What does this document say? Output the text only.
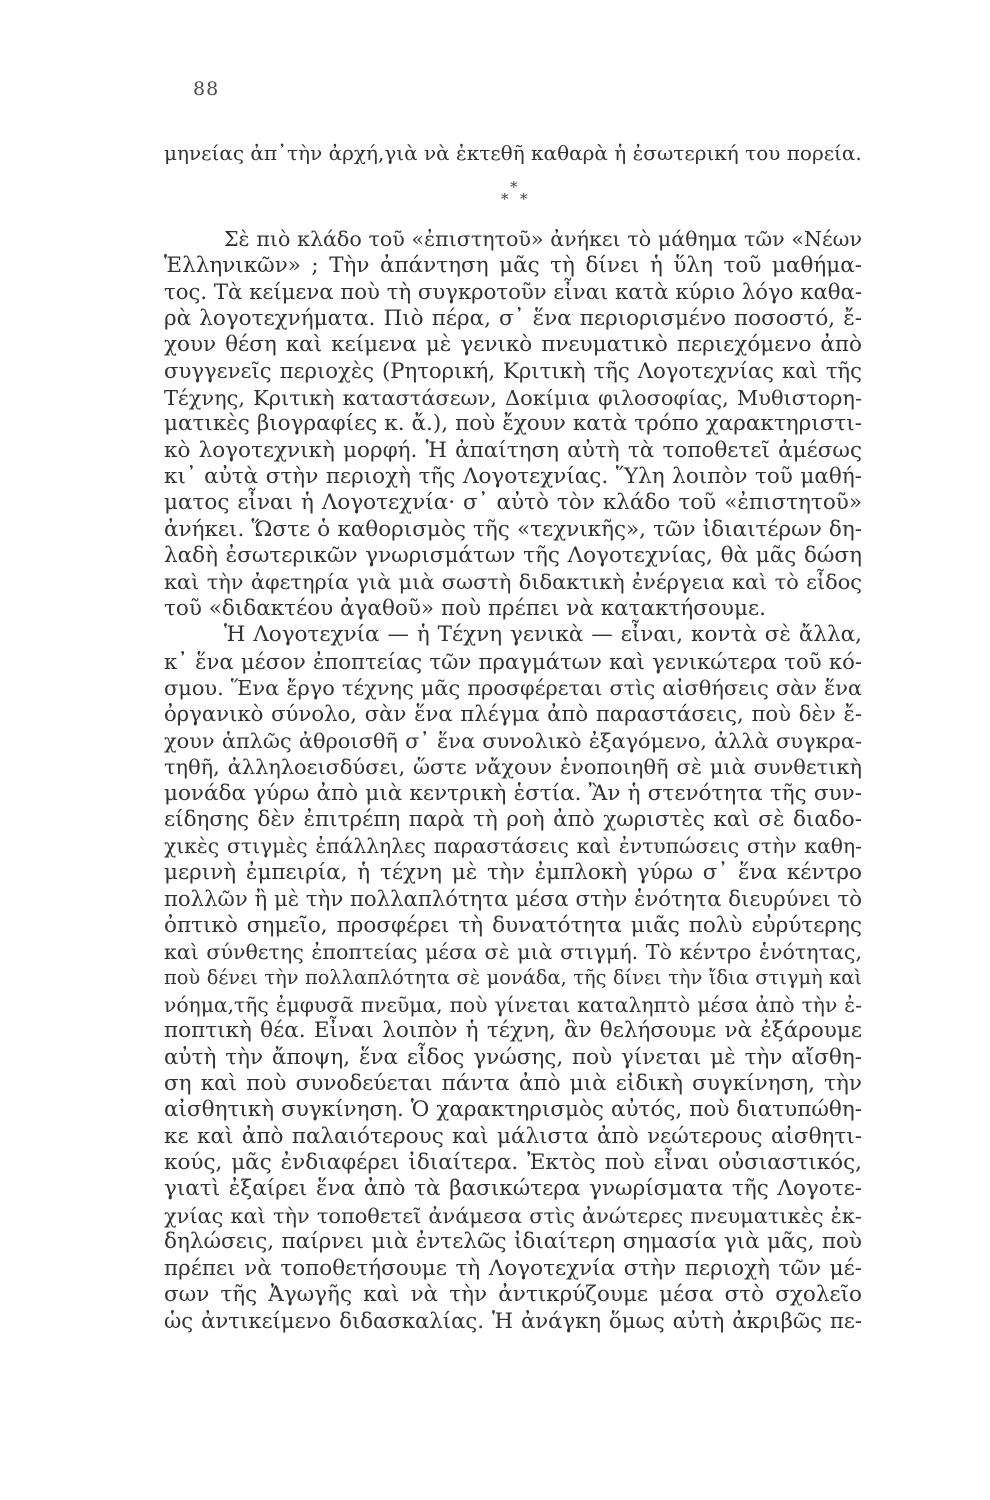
88
μηνείας ἀπ᾽τὴν ἀρχή,γιὰ νὰ ἐκτεθῆ καθαρὰ ἡ ἐσωτερική του πορεία.
*
* *
Σὲ πιὸ κλάδο τοῦ «ἐπιστητοῦ» ἀνήκει τὸ μάθημα τῶν «Νέων
Ἑλληνικῶν» ; Τὴν ἀπάντηση μᾶς τὴ δίνει ἡ ὕλη τοῦ μαθήμα-
τος. Τὰ κείμενα ποὺ τὴ συγκροτοῦν εἶναι κατὰ κύριο λόγο καθα-
ρὰ λογοτεχνήματα. Πιὸ πέρα, σ᾽ ἕνα περιορισμένο ποσοστό, ἔ-
χουν θέση καὶ κείμενα μὲ γενικὸ πνευματικὸ περιεχόμενο ἀπὸ
συγγενεῖς περιοχὲς (Ρητορική, Κριτικὴ τῆς Λογοτεχνίας καὶ τῆς
Τέχνης, Κριτικὴ καταστάσεων, Δοκίμια φιλοσοφίας, Μυθιστορη-
ματικὲς βιογραφίες κ. ἄ.), ποὺ ἔχουν κατὰ τρόπο χαρακτηριστι-
κὸ λογοτεχνικὴ μορφή. Ἡ ἀπαίτηση αὐτὴ τὰ τοποθετεῖ ἀμέσως
κι᾽ αὐτὰ στὴν περιοχὴ τῆς Λογοτεχνίας. Ὕλη λοιπὸν τοῦ μαθή-
ματος εἶναι ἡ Λογοτεχνία· σ᾽ αὐτὸ τὸν κλάδο τοῦ «ἐπιστητοῦ»
ἀνήκει. Ὥστε ὁ καθορισμὸς τῆς «τεχνικῆς», τῶν ἰδιαιτέρων δη-
λαδὴ ἐσωτερικῶν γνωρισμάτων τῆς Λογοτεχνίας, θὰ μᾶς δώση
καὶ τὴν ἀφετηρία γιὰ μιὰ σωστὴ διδακτικὴ ἐνέργεια καὶ τὸ εἶδος
τοῦ «διδακτέου ἀγαθοῦ» ποὺ πρέπει νὰ κατακτήσουμε.
Ἡ Λογοτεχνία — ἡ Τέχνη γενικὰ — εἶναι, κοντὰ σὲ ἄλλα,
κ᾽ ἕνα μέσον ἐποπτείας τῶν πραγμάτων καὶ γενικώτερα τοῦ κό-
σμου. Ἕνα ἔργο τέχνης μᾶς προσφέρεται στὶς αἰσθήσεις σὰν ἕνα
ὀργανικὸ σύνολο, σὰν ἕνα πλέγμα ἀπὸ παραστάσεις, ποὺ δὲν ἔ-
χουν ἁπλῶς ἀθροισθῆ σ᾽ ἕνα συνολικὸ ἐξαγόμενο, ἀλλὰ συγκρα-
τηθῆ, ἀλληλοεισδύσει, ὥστε νἄχουν ἑνοποιηθῆ σὲ μιὰ συνθετικὴ
μονάδα γύρω ἀπὸ μιὰ κεντρικὴ ἑστία. Ἂν ἡ στενότητα τῆς συν-
είδησης δὲν ἐπιτρέπη παρὰ τὴ ροὴ ἀπὸ χωριστὲς καὶ σὲ διαδο-
χικὲς στιγμὲς ἐπάλληλες παραστάσεις καὶ ἐντυπώσεις στὴν καθη-
μερινὴ ἐμπειρία, ἡ τέχνη μὲ τὴν ἐμπλοκὴ γύρω σ᾽ ἕνα κέντρο
πολλῶν ἢ μὲ τὴν πολλαπλότητα μέσα στὴν ἑνότητα διευρύνει τὸ
ὀπτικὸ σημεῖο, προσφέρει τὴ δυνατότητα μιᾶς πολὺ εὐρύτερης
καὶ σύνθετης ἐποπτείας μέσα σὲ μιὰ στιγμή. Τὸ κέντρο ἑνότητας,
ποὺ δένει τὴν πολλαπλότητα σὲ μονάδα, τῆς δίνει τὴν ἴδια στιγμὴ καὶ
νόημα,τῆς ἐμφυσᾶ πνεῦμα, ποὺ γίνεται καταληπτὸ μέσα ἀπὸ τὴν ἐ-
ποπτικὴ θέα. Εἶναι λοιπὸν ἡ τέχνη, ἂν θελήσουμε νὰ ἐξάρουμε
αὐτὴ τὴν ἄποψη, ἕνα εἶδος γνώσης, ποὺ γίνεται μὲ τὴν αἴσθη-
ση καὶ ποὺ συνοδεύεται πάντα ἀπὸ μιὰ εἰδικὴ συγκίνηση, τὴν
αἰσθητικὴ συγκίνηση. Ὁ χαρακτηρισμὸς αὐτός, ποὺ διατυπώθη-
κε καὶ ἀπὸ παλαιότερους καὶ μάλιστα ἀπὸ νεώτερους αἰσθητι-
κούς, μᾶς ἐνδιαφέρει ἰδιαίτερα. Ἐκτὸς ποὺ εἶναι οὐσιαστικός,
γιατὶ ἐξαίρει ἕνα ἀπὸ τὰ βασικώτερα γνωρίσματα τῆς Λογοτε-
χνίας καὶ τὴν τοποθετεῖ ἀνάμεσα στὶς ἀνώτερες πνευματικὲς ἐκ-
δηλώσεις, παίρνει μιὰ ἐντελῶς ἰδιαίτερη σημασία γιὰ μᾶς, ποὺ
πρέπει νὰ τοποθετήσουμε τὴ Λογοτεχνία στὴν περιοχὴ τῶν μέ-
σων τῆς Ἀγωγῆς καὶ νὰ τὴν ἀντικρύζουμε μέσα στὸ σχολεῖο
ὡς ἀντικείμενο διδασκαλίας. Ἡ ἀνάγκη ὅμως αὐτὴ ἀκριβῶς πε-
